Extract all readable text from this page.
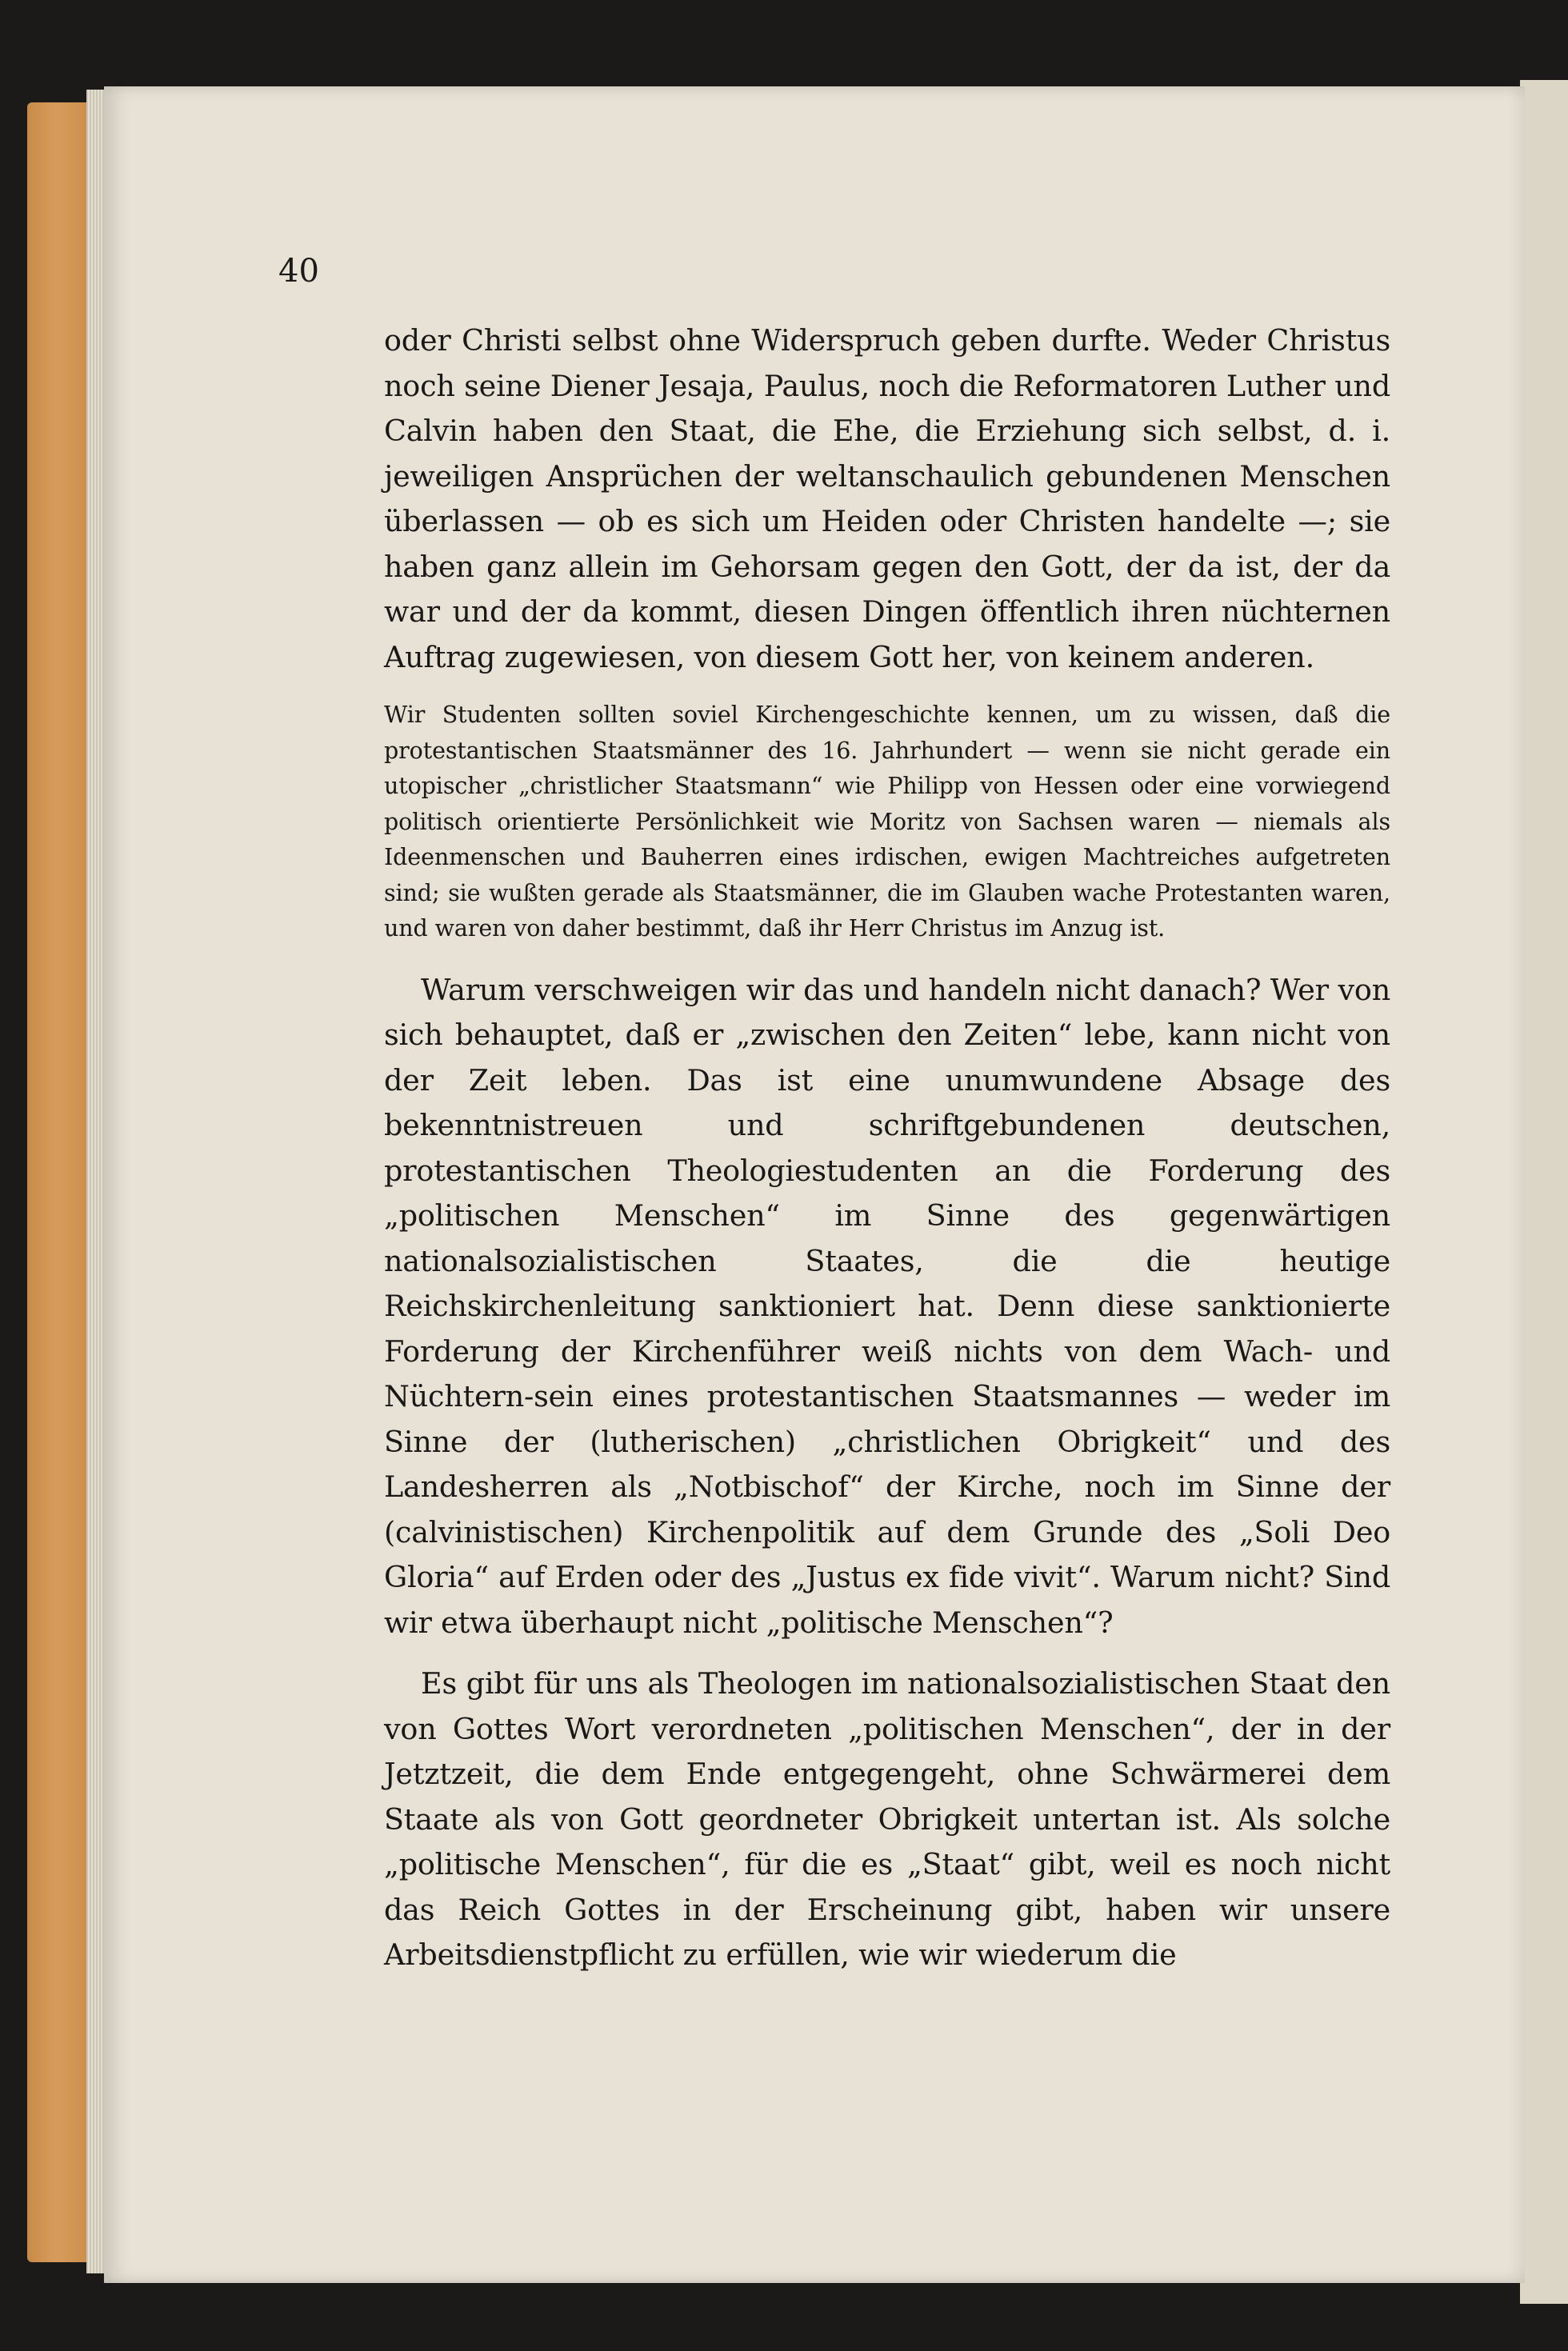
40

oder Christi selbst ohne Widerspruch geben durfte. Weder Christus noch seine Diener Jesaja, Paulus, noch die Reformatoren Luther und Calvin haben den Staat, die Ehe, die Erziehung sich selbst, d. i. jeweiligen Ansprüchen der weltanschaulich gebundenen Menschen überlassen — ob es sich um Heiden oder Christen handelte —; sie haben ganz allein im Gehorsam gegen den Gott, der da ist, der da war und der da kommt, diesen Dingen öffentlich ihren nüchternen Auftrag zugewiesen, von diesem Gott her, von keinem anderen.

Wir Studenten sollten soviel Kirchengeschichte kennen, um zu wissen, daß die protestantischen Staatsmänner des 16. Jahrhundert — wenn sie nicht gerade ein utopischer „christlicher Staatsmann“ wie Philipp von Hessen oder eine vorwiegend politisch orientierte Persönlichkeit wie Moritz von Sachsen waren — niemals als Ideenmenschen und Bauherren eines irdischen, ewigen Machtreiches aufgetreten sind; sie wußten gerade als Staatsmänner, die im Glauben wache Protestanten waren, und waren von daher bestimmt, daß ihr Herr Christus im Anzug ist.

Warum verschweigen wir das und handeln nicht danach? Wer von sich behauptet, daß er „zwischen den Zeiten“ lebe, kann nicht von der Zeit leben. Das ist eine unumwundene Absage des bekenntnistreuen und schriftgebundenen deutschen, protestantischen Theologiestudenten an die Forderung des „politischen Menschen“ im Sinne des gegenwärtigen nationalsozialistischen Staates, die die heutige Reichskirchenleitung sanktioniert hat. Denn diese sanktionierte Forderung der Kirchenführer weiß nichts von dem Wach- und Nüchtern-sein eines protestantischen Staatsmannes — weder im Sinne der (lutherischen) „christlichen Obrigkeit“ und des Landesherren als „Notbischof“ der Kirche, noch im Sinne der (calvinistischen) Kirchenpolitik auf dem Grunde des „Soli Deo Gloria“ auf Erden oder des „Justus ex fide vivit“. Warum nicht? Sind wir etwa überhaupt nicht „politische Menschen“?

Es gibt für uns als Theologen im nationalsozialistischen Staat den von Gottes Wort verordneten „politischen Menschen“, der in der Jetztzeit, die dem Ende entgegengeht, ohne Schwärmerei dem Staate als von Gott geordneter Obrigkeit untertan ist. Als solche „politische Menschen“, für die es „Staat“ gibt, weil es noch nicht das Reich Gottes in der Erscheinung gibt, haben wir unsere Arbeitsdienstpflicht zu erfüllen, wie wir wiederum die
